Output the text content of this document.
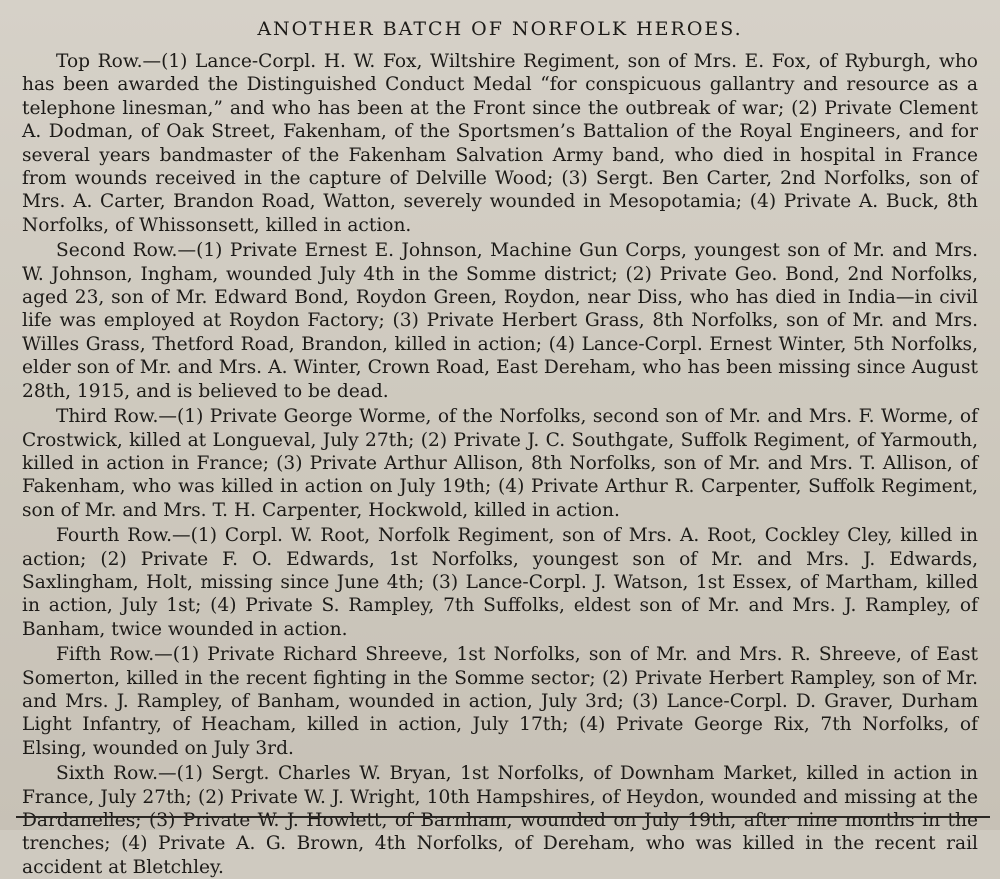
ANOTHER BATCH OF NORFOLK HEROES.

Top Row.—(1) Lance-Corpl. H. W. Fox, Wiltshire Regiment, son of Mrs. E. Fox, of Ryburgh, who has been awarded the Distinguished Conduct Medal “for conspicuous gallantry and resource as a telephone linesman,” and who has been at the Front since the outbreak of war; (2) Private Clement A. Dodman, of Oak Street, Fakenham, of the Sportsmen’s Battalion of the Royal Engineers, and for several years bandmaster of the Fakenham Salvation Army band, who died in hospital in France from wounds received in the capture of Delville Wood; (3) Sergt. Ben Carter, 2nd Norfolks, son of Mrs. A. Carter, Brandon Road, Watton, severely wounded in Mesopotamia; (4) Private A. Buck, 8th Norfolks, of Whissonsett, killed in action.

Second Row.—(1) Private Ernest E. Johnson, Machine Gun Corps, youngest son of Mr. and Mrs. W. Johnson, Ingham, wounded July 4th in the Somme district; (2) Private Geo. Bond, 2nd Norfolks, aged 23, son of Mr. Edward Bond, Roydon Green, Roydon, near Diss, who has died in India—in civil life was employed at Roydon Factory; (3) Private Herbert Grass, 8th Norfolks, son of Mr. and Mrs. Willes Grass, Thetford Road, Brandon, killed in action; (4) Lance-Corpl. Ernest Winter, 5th Norfolks, elder son of Mr. and Mrs. A. Winter, Crown Road, East Dereham, who has been missing since August 28th, 1915, and is believed to be dead.

Third Row.—(1) Private George Worme, of the Norfolks, second son of Mr. and Mrs. F. Worme, of Crostwick, killed at Longueval, July 27th; (2) Private J. C. Southgate, Suffolk Regiment, of Yarmouth, killed in action in France; (3) Private Arthur Allison, 8th Norfolks, son of Mr. and Mrs. T. Allison, of Fakenham, who was killed in action on July 19th; (4) Private Arthur R. Carpenter, Suffolk Regiment, son of Mr. and Mrs. T. H. Carpenter, Hockwold, killed in action.

Fourth Row.—(1) Corpl. W. Root, Norfolk Regiment, son of Mrs. A. Root, Cockley Cley, killed in action; (2) Private F. O. Edwards, 1st Norfolks, youngest son of Mr. and Mrs. J. Edwards, Saxlingham, Holt, missing since June 4th; (3) Lance-Corpl. J. Watson, 1st Essex, of Martham, killed in action, July 1st; (4) Private S. Rampley, 7th Suffolks, eldest son of Mr. and Mrs. J. Rampley, of Banham, twice wounded in action.

Fifth Row.—(1) Private Richard Shreeve, 1st Norfolks, son of Mr. and Mrs. R. Shreeve, of East Somerton, killed in the recent fighting in the Somme sector; (2) Private Herbert Rampley, son of Mr. and Mrs. J. Rampley, of Banham, wounded in action, July 3rd; (3) Lance-Corpl. D. Graver, Durham Light Infantry, of Heacham, killed in action, July 17th; (4) Private George Rix, 7th Norfolks, of Elsing, wounded on July 3rd.

Sixth Row.—(1) Sergt. Charles W. Bryan, 1st Norfolks, of Downham Market, killed in action in France, July 27th; (2) Private W. J. Wright, 10th Hampshires, of Heydon, wounded and missing at the Dardanelles; (3) Private W. J. Howlett, of Barnham, wounded on July 19th, after nine months in the trenches; (4) Private A. G. Brown, 4th Norfolks, of Dereham, who was killed in the recent rail accident at Bletchley.
